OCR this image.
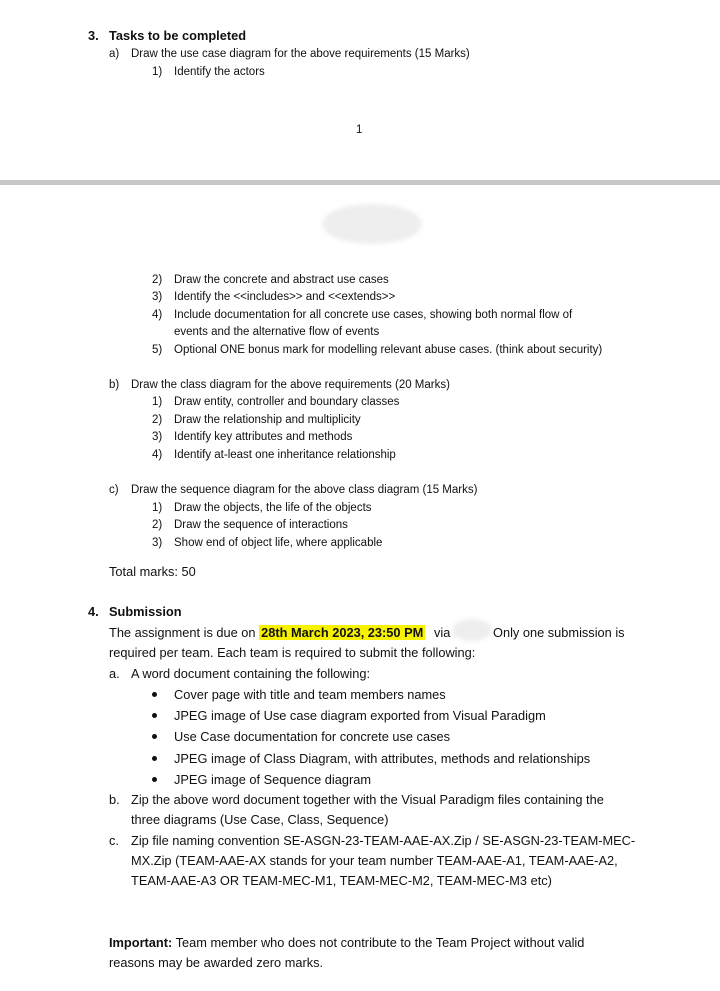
3. Tasks to be completed
a) Draw the use case diagram for the above requirements (15 Marks)
1) Identify the actors
1
2) Draw the concrete and abstract use cases
3) Identify the <<includes>> and <<extends>>
4) Include documentation for all concrete use cases, showing both normal flow of
events and the alternative flow of events
5) Optional ONE bonus mark for modelling relevant abuse cases. (think about security)
b) Draw the class diagram for the above requirements (20 Marks)
1) Draw entity, controller and boundary classes
2) Draw the relationship and multiplicity
3) Identify key attributes and methods
4) Identify at-least one inheritance relationship
c) Draw the sequence diagram for the above class diagram (15 Marks)
1) Draw the objects, the life of the objects
2) Draw the sequence of interactions
3) Show end of object life, where applicable
Total marks: 50
4. Submission
The assignment is due on 28th March 2023, 23:50 PM via	Only one submission is
required per team. Each team is required to submit the following:
a. A word document containing the following:
Cover page with title and team members names
JPEG image of Use case diagram exported from Visual Paradigm
Use Case documentation for concrete use cases
JPEG image of Class Diagram, with attributes, methods and relationships
JPEG image of Sequence diagram
b. Zip the above word document together with the Visual Paradigm files containing the
three diagrams (Use Case, Class, Sequence)
c. Zip file naming convention SE-ASGN-23-TEAM-AAE-AX.Zip / SE-ASGN-23-TEAM-MEC-
MX.Zip (TEAM-AAE-AX stands for your team number TEAM-AAE-A1, TEAM-AAE-A2,
TEAM-AAE-A3 OR TEAM-MEC-M1, TEAM-MEC-M2, TEAM-MEC-M3 etc)
Important: Team member who does not contribute to the Team Project without valid
reasons may be awarded zero marks.
